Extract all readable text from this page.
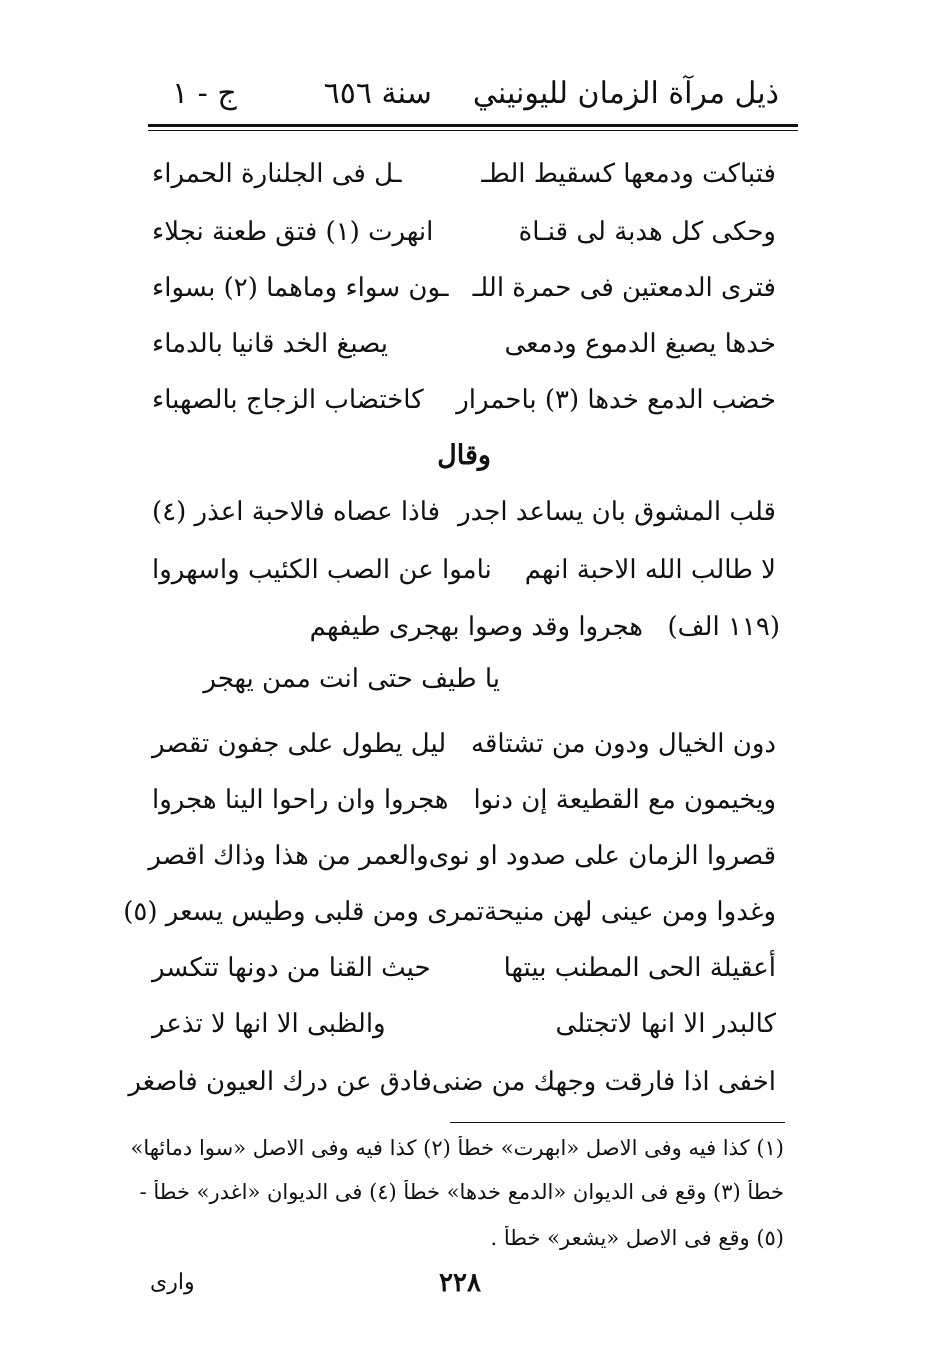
ذيل مرآة الزمان لليونيني  سنة ٦٥٦
ج - ١
فتباكت ودمعها كسقيط الطـ
ـل فى الجلنارة الحمراء
وحكى كل هدبة لى قنـاة
انهرت (١) فتق طعنة نجلاء
فترى الدمعتين فى حمرة اللـ
ـون سواء وماهما (٢) بسواء
خدها يصبغ الدموع ودمعى
يصبغ الخد قانيا بالدماء
خضب الدمع خدها (٣) باحمرار
كاختضاب الزجاج بالصهباء
وقال
قلب المشوق بان يساعد اجدر
فاذا عصاه فالاحبة اعذر (٤)
لا طالب الله الاحبة انهم
ناموا عن الصب الكئيب واسهروا
(١١٩ الف)  هجروا وقد وصوا بهجرى طيفهم
يا طيف حتى انت ممن يهجر
دون الخيال ودون من تشتاقه
ليل يطول على جفون تقصر
ويخيمون مع القطيعة إن دنوا
هجروا وان راحوا الينا هجروا
قصروا الزمان على صدود او نوى
والعمر من هذا وذاك اقصر
وغدوا ومن عينى لهن منيحة
تمرى ومن قلبى وطيس يسعر (٥)
أعقيلة الحى المطنب بيتها
حيث القنا من دونها تتكسر
كالبدر الا انها لاتجتلى
والظبى الا انها لا تذعر
اخفى اذا فارقت وجهك من ضنى
فادق عن درك العيون فاصغر
(١) كذا فيه وفى الاصل «ابهرت» خطأ (٢) كذا فيه وفى الاصل «سوا دمائها»
خطأ (٣) وقع فى الديوان «الدمع خدها» خطأ (٤) فى الديوان «اغدر» خطأ -
(٥) وقع فى الاصل «يشعر» خطأ .
٢٢٨
وارى
